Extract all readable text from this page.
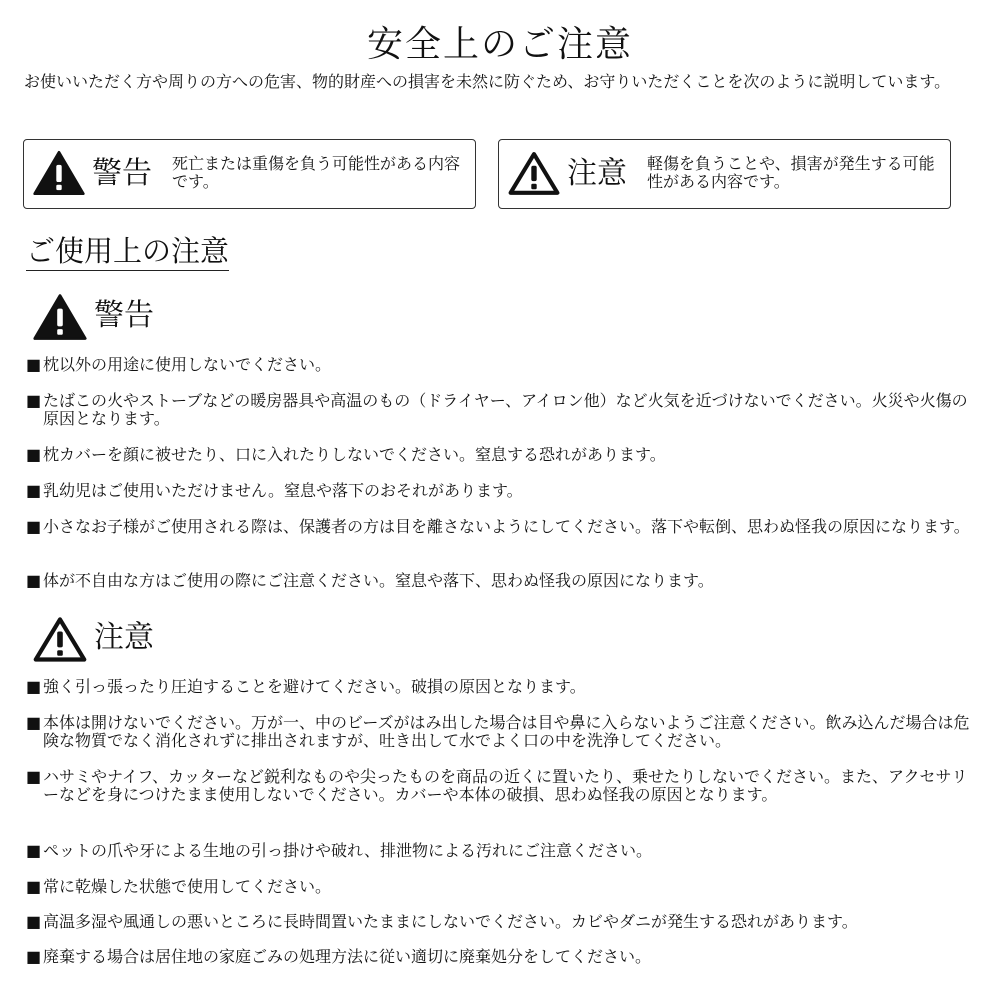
安全上のご注意

お使いいただく方や周りの方への危害、物的財産への損害を未然に防ぐため、お守りいただくことを次のように説明しています。

警告 死亡または重傷を負う可能性がある内容です。	注意 軽傷を負うことや、損害が発生する可能性がある内容です。
ご使用上の注意
警告

■ 枕以外の用途に使用しないでください。

■ たばこの火やストーブなどの暖房器具や高温のもの（ドライヤー、アイロン他）など火気を近づけないでください。火災や火傷の原因となります。

■ 枕カバーを顔に被せたり、口に入れたりしないでください。窒息する恐れがあります。

■ 乳幼児はご使用いただけません。窒息や落下のおそれがあります。

■ 小さなお子様がご使用される際は、保護者の方は目を離さないようにしてください。落下や転倒、思わぬ怪我の原因になります。

■ 体が不自由な方はご使用の際にご注意ください。窒息や落下、思わぬ怪我の原因になります。

注意

■ 強く引っ張ったり圧迫することを避けてください。破損の原因となります。

■ 本体は開けないでください。万が一、中のビーズがはみ出した場合は目や鼻に入らないようご注意ください。飲み込んだ場合は危険な物質でなく消化されずに排出されますが、吐き出して水でよく口の中を洗浄してください。

■ ハサミやナイフ、カッターなど鋭利なものや尖ったものを商品の近くに置いたり、乗せたりしないでください。また、アクセサリーなどを身につけたまま使用しないでください。カバーや本体の破損、思わぬ怪我の原因となります。

■ ペットの爪や牙による生地の引っ掛けや破れ、排泄物による汚れにご注意ください。

■ 常に乾燥した状態で使用してください。

■ 高温多湿や風通しの悪いところに長時間置いたままにしないでください。カビやダニが発生する恐れがあります。

■ 廃棄する場合は居住地の家庭ごみの処理方法に従い適切に廃棄処分をしてください。
